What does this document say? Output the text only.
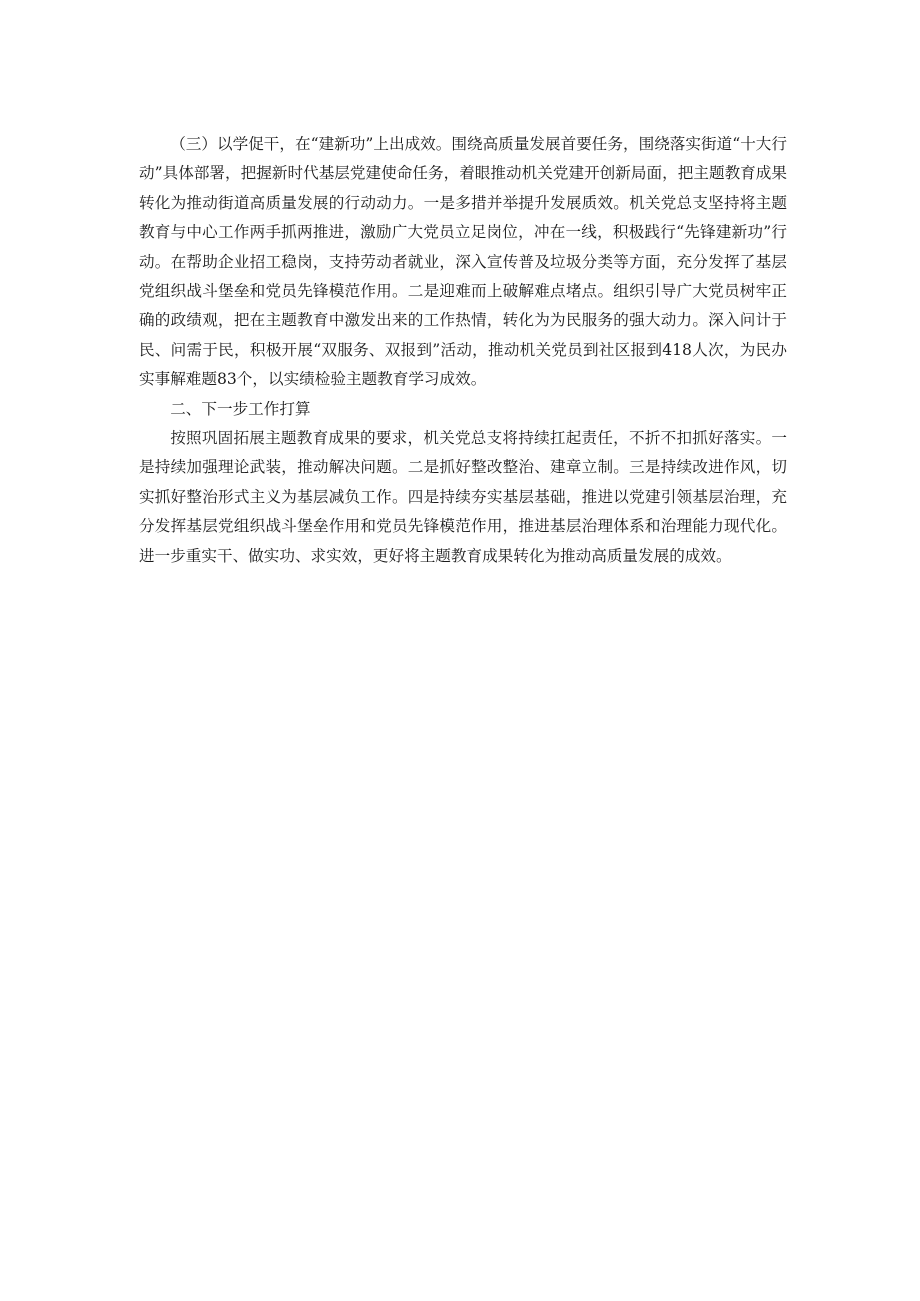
（三）以学促干，在“建新功”上出成效。围绕高质量发展首要任务，围绕落实街道“十大行动”具体部署，把握新时代基层党建使命任务，着眼推动机关党建开创新局面，把主题教育成果转化为推动街道高质量发展的行动动力。一是多措并举提升发展质效。机关党总支坚持将主题教育与中心工作两手抓两推进，激励广大党员立足岗位，冲在一线，积极践行“先锋建新功”行动。在帮助企业招工稳岗，支持劳动者就业，深入宣传普及垃圾分类等方面，充分发挥了基层党组织战斗堡垒和党员先锋模范作用。二是迎难而上破解难点堵点。组织引导广大党员树牢正确的政绩观，把在主题教育中激发出来的工作热情，转化为为民服务的强大动力。深入问计于民、问需于民，积极开展“双服务、双报到”活动，推动机关党员到社区报到418人次，为民办实事解难题83个，以实绩检验主题教育学习成效。

二、下一步工作打算

按照巩固拓展主题教育成果的要求，机关党总支将持续扛起责任，不折不扣抓好落实。一是持续加强理论武装，推动解决问题。二是抓好整改整治、建章立制。三是持续改进作风，切实抓好整治形式主义为基层减负工作。四是持续夯实基层基础，推进以党建引领基层治理，充分发挥基层党组织战斗堡垒作用和党员先锋模范作用，推进基层治理体系和治理能力现代化。进一步重实干、做实功、求实效，更好将主题教育成果转化为推动高质量发展的成效。
